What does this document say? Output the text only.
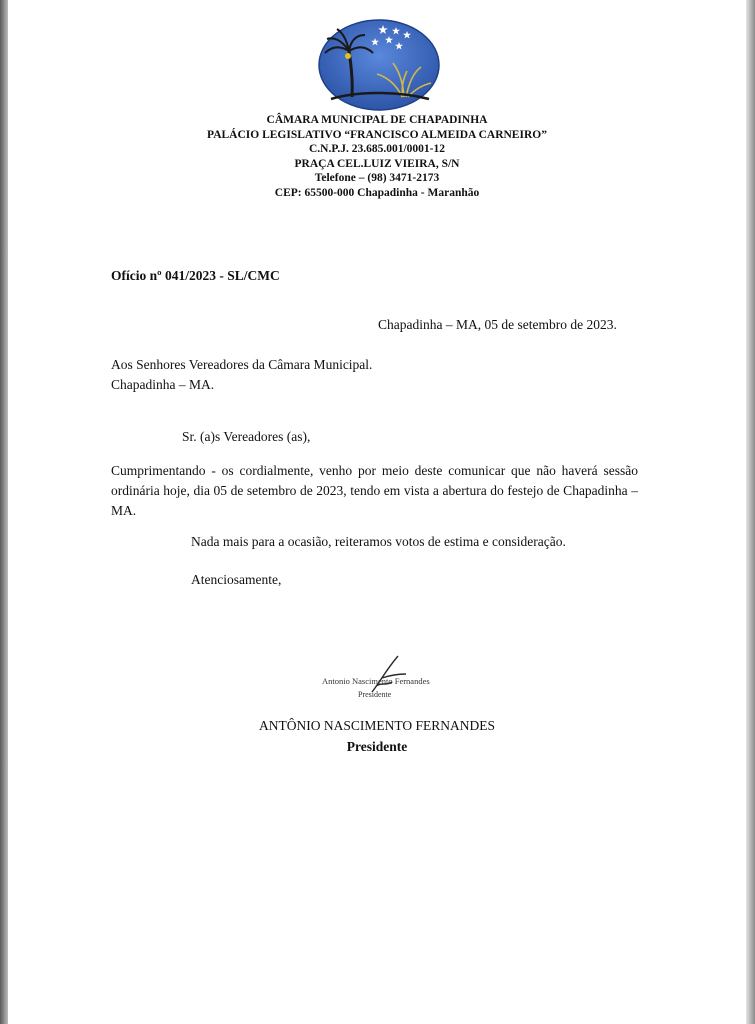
CÂMARA MUNICIPAL DE CHAPADINHA
PALÁCIO LEGISLATIVO “FRANCISCO ALMEIDA CARNEIRO”
C.N.P.J. 23.685.001/0001-12
PRAÇA CEL.LUIZ VIEIRA, S/N
Telefone – (98) 3471-2173
CEP: 65500-000 Chapadinha - Maranhão
Ofício nº 041/2023 - SL/CMC
Chapadinha – MA, 05 de setembro de 2023.
Aos Senhores Vereadores da Câmara Municipal.
Chapadinha – MA.
Sr. (a)s Vereadores (as),
Cumprimentando - os cordialmente, venho por meio deste comunicar que não haverá sessão ordinária hoje, dia 05 de setembro de 2023, tendo em vista a abertura do festejo de Chapadinha – MA.
Nada mais para a ocasião, reiteramos votos de estima e consideração.
Atenciosamente,
Antonio Nascimento Fernandes
Presidente
ANTÔNIO NASCIMENTO FERNANDES
Presidente
